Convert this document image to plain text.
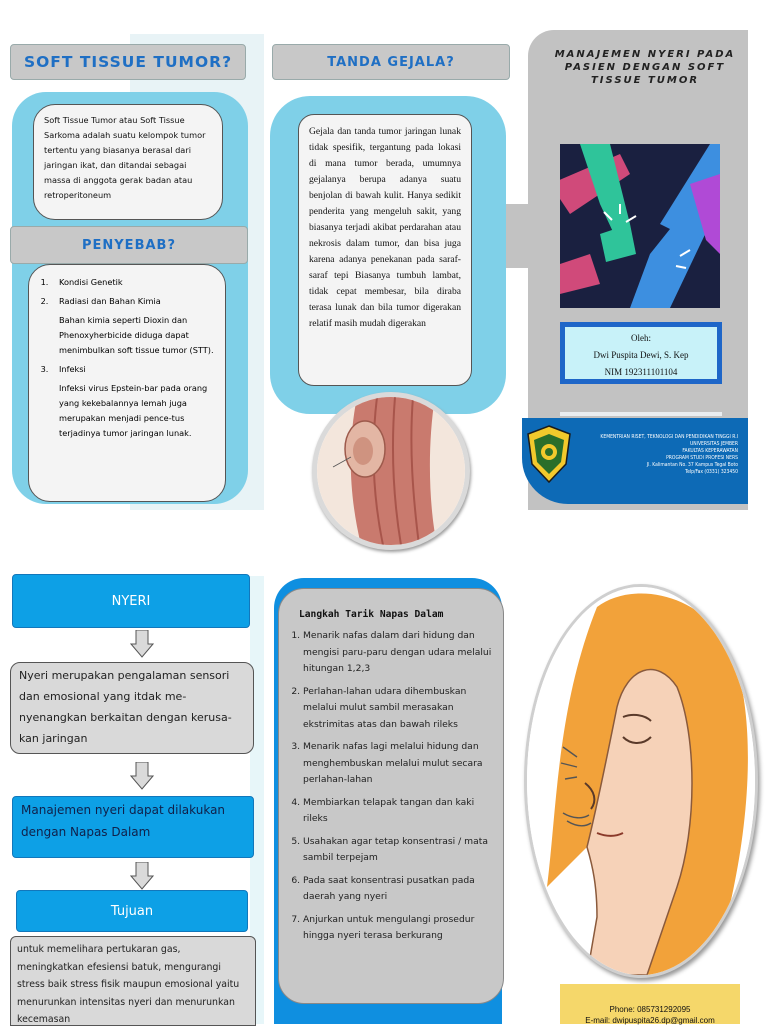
SOFT TISSUE TUMOR?
Soft Tissue Tumor atau Soft Tissue Sarkoma adalah suatu kelompok tumor tertentu yang biasanya berasal dari jaringan ikat, dan ditandai sebagai massa di anggota gerak badan atau retroperitoneum
PENYEBAB?
1. Kondisi Genetik
2. Radiasi dan Bahan Kimia
Bahan kimia seperti Dioxin dan Phenoxyherbicide diduga dapat menimbulkan soft tissue tumor (STT).
3. Infeksi
Infeksi virus Epstein-bar pada orang yang kekebalannya lemah juga merupakan menjadi pence-tus terjadinya tumor jaringan lunak.
TANDA GEJALA?
Gejala dan tanda tumor jaringan lunak tidak spesifik, tergantung pada lokasi di mana tumor berada, umumnya gejalanya berupa adanya suatu benjolan di bawah kulit. Hanya sedikit penderita yang mengeluh sakit, yang biasanya terjadi akibat perdarahan atau nekrosis dalam tumor, dan bisa juga karena adanya penekanan pada saraf-saraf tepi Biasanya tumbuh lambat, tidak cepat membesar, bila diraba terasa lunak dan bila tumor digerakan relatif masih mudah digerakan
MANAJEMEN NYERI PADA PASIEN DENGAN SOFT TISSUE TUMOR
Oleh:
Dwi Puspita Dewi, S. Kep
NIM 192311101104
KEMENTRIAN RISET, TEKNOLOGI DAN PENDIDIKAN TINGGI R.I
UNIVERSITAS JEMBER
FAKULTAS KEPERAWATAN
PROGRAM STUDI PROFESI NERS
Jl. Kalimantan No. 37 Kampus Tegal Boto
Telp/Fax (0331) 323450
NYERI
Nyeri merupakan pengalaman sensori dan emosional yang itdak me-nyenangkan berkaitan dengan kerusa-kan jaringan
Manajemen nyeri dapat dilakukan dengan Napas Dalam
Tujuan
untuk memelihara pertukaran gas, meningkatkan efesiensi batuk, mengurangi stress baik stress fisik maupun emosional yaitu menurunkan intensitas nyeri dan menurunkan kecemasan
Langkah Tarik Napas Dalam
1. Menarik nafas dalam dari hidung dan mengisi paru-paru dengan udara melalui hitungan 1,2,3
2. Perlahan-lahan udara dihembuskan melalui mulut sambil merasakan ekstrimitas atas dan bawah rileks
3. Menarik nafas lagi melalui hidung dan menghembuskan melalui mulut secara perlahan-lahan
4. Membiarkan telapak tangan dan kaki rileks
5. Usahakan agar tetap konsentrasi / mata sambil terpejam
6. Pada saat konsentrasi pusatkan pada daerah yang nyeri
7. Anjurkan untuk mengulangi prosedur hingga nyeri terasa berkurang
Phone: 085731292095
E-mail: dwipuspita26.dp@gmail.com
